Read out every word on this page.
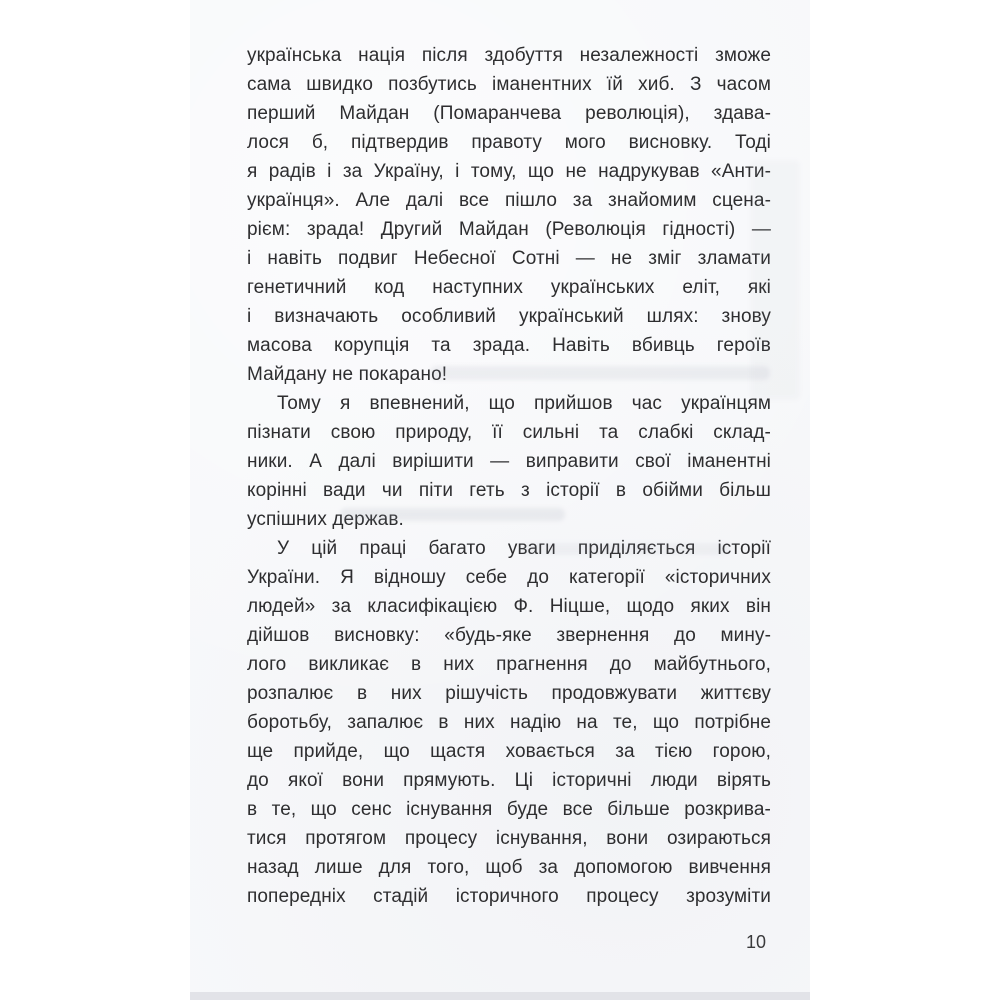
українська нація після здобуття незалежності зможе
сама швидко позбутись іманентних їй хиб. З часом
перший Майдан (Помаранчева революція), здава-
лося б, підтвердив правоту мого висновку. Тоді
я радів і за Україну, і тому, що не надрукував «Анти-
українця». Але далі все пішло за знайомим сцена-
рієм: зрада! Другий Майдан (Революція гідності) —
і навіть подвиг Небесної Сотні — не зміг зламати
генетичний код наступних українських еліт, які
і визначають особливий український шлях: знову
масова корупція та зрада. Навіть вбивць героїв
Майдану не покарано!
Тому я впевнений, що прийшов час українцям
пізнати свою природу, її сильні та слабкі склад-
ники. А далі вирішити — виправити свої іманентні
корінні вади чи піти геть з історії в обійми більш
успішних держав.
У цій праці багато уваги приділяється історії
України. Я відношу себе до категорії «історичних
людей» за класифікацією Ф. Ніцше, щодо яких він
дійшов висновку: «будь-яке звернення до мину-
лого викликає в них прагнення до майбутнього,
розпалює в них рішучість продовжувати життєву
боротьбу, запалює в них надію на те, що потрібне
ще прийде, що щастя ховається за тією горою,
до якої вони прямують. Ці історичні люди вірять
в те, що сенс існування буде все більше розкрива-
тися протягом процесу існування, вони озираються
назад лише для того, щоб за допомогою вивчення
попередніх стадій історичного процесу зрозуміти
10
